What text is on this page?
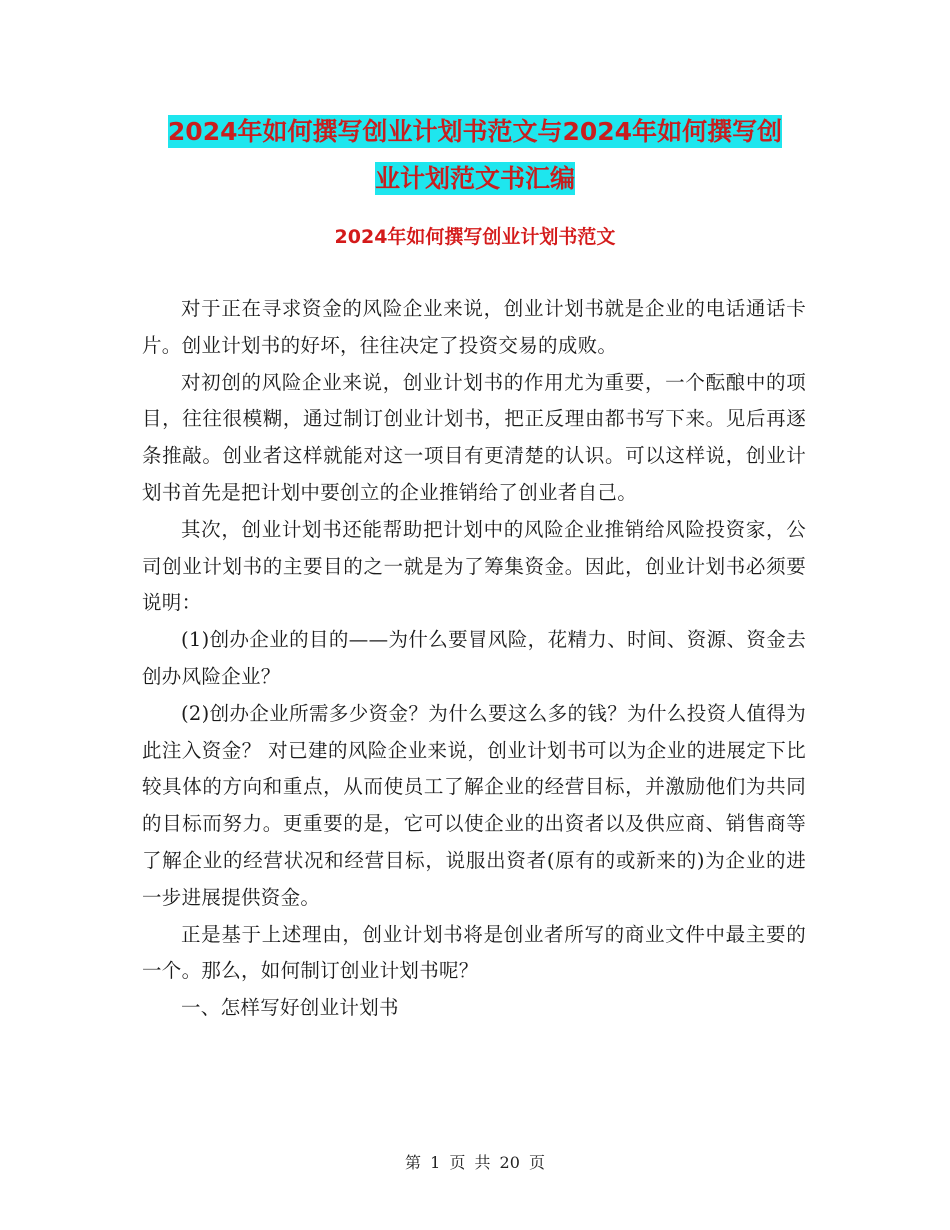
2024年如何撰写创业计划书范文与2024年如何撰写创
业计划范文书汇编
2024年如何撰写创业计划书范文

对于正在寻求资金的风险企业来说，创业计划书就是企业的电话通话卡片。创业计划书的好坏，往往决定了投资交易的成败。

对初创的风险企业来说，创业计划书的作用尤为重要，一个酝酿中的项目，往往很模糊，通过制订创业计划书，把正反理由都书写下来。见后再逐条推敲。创业者这样就能对这一项目有更清楚的认识。可以这样说，创业计划书首先是把计划中要创立的企业推销给了创业者自己。

其次，创业计划书还能帮助把计划中的风险企业推销给风险投资家，公司创业计划书的主要目的之一就是为了筹集资金。因此，创业计划书必须要说明：

(1)创办企业的目的——为什么要冒风险，花精力、时间、资源、资金去创办风险企业？

(2)创办企业所需多少资金？为什么要这么多的钱？为什么投资人值得为此注入资金？ 对已建的风险企业来说，创业计划书可以为企业的进展定下比较具体的方向和重点，从而使员工了解企业的经营目标，并激励他们为共同的目标而努力。更重要的是，它可以使企业的出资者以及供应商、销售商等了解企业的经营状况和经营目标，说服出资者(原有的或新来的)为企业的进一步进展提供资金。

正是基于上述理由，创业计划书将是创业者所写的商业文件中最主要的一个。那么，如何制订创业计划书呢？

一、怎样写好创业计划书

第 1 页 共 20 页
